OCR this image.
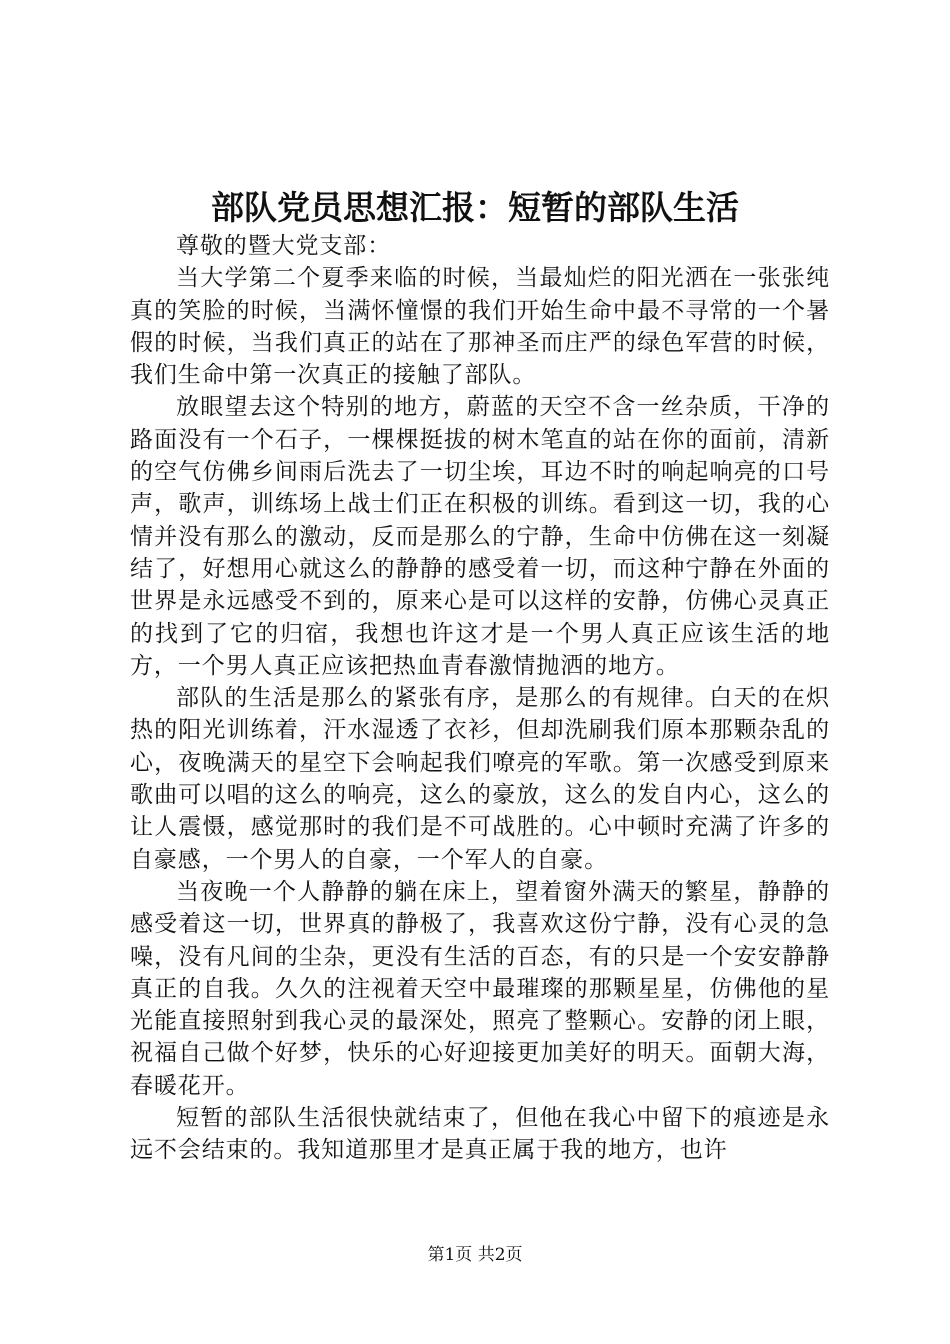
部队党员思想汇报：短暂的部队生活

尊敬的暨大党支部：

当大学第二个夏季来临的时候，当最灿烂的阳光洒在一张张纯真的笑脸的时候，当满怀憧憬的我们开始生命中最不寻常的一个暑假的时候，当我们真正的站在了那神圣而庄严的绿色军营的时候，我们生命中第一次真正的接触了部队。

放眼望去这个特别的地方，蔚蓝的天空不含一丝杂质，干净的路面没有一个石子，一棵棵挺拔的树木笔直的站在你的面前，清新的空气仿佛乡间雨后洗去了一切尘埃，耳边不时的响起响亮的口号声，歌声，训练场上战士们正在积极的训练。看到这一切，我的心情并没有那么的激动，反而是那么的宁静，生命中仿佛在这一刻凝结了，好想用心就这么的静静的感受着一切，而这种宁静在外面的世界是永远感受不到的，原来心是可以这样的安静，仿佛心灵真正的找到了它的归宿，我想也许这才是一个男人真正应该生活的地方，一个男人真正应该把热血青春激情抛洒的地方。

部队的生活是那么的紧张有序，是那么的有规律。白天的在炽热的阳光训练着，汗水湿透了衣衫，但却洗刷我们原本那颗杂乱的心，夜晚满天的星空下会响起我们嘹亮的军歌。第一次感受到原来歌曲可以唱的这么的响亮，这么的豪放，这么的发自内心，这么的让人震慑，感觉那时的我们是不可战胜的。心中顿时充满了许多的自豪感，一个男人的自豪，一个军人的自豪。

当夜晚一个人静静的躺在床上，望着窗外满天的繁星，静静的感受着这一切，世界真的静极了，我喜欢这份宁静，没有心灵的急噪，没有凡间的尘杂，更没有生活的百态，有的只是一个安安静静真正的自我。久久的注视着天空中最璀璨的那颗星星，仿佛他的星光能直接照射到我心灵的最深处，照亮了整颗心。安静的闭上眼，祝福自己做个好梦，快乐的心好迎接更加美好的明天。面朝大海，春暖花开。

短暂的部队生活很快就结束了，但他在我心中留下的痕迹是永远不会结束的。我知道那里才是真正属于我的地方，也许

第1页 共2页
